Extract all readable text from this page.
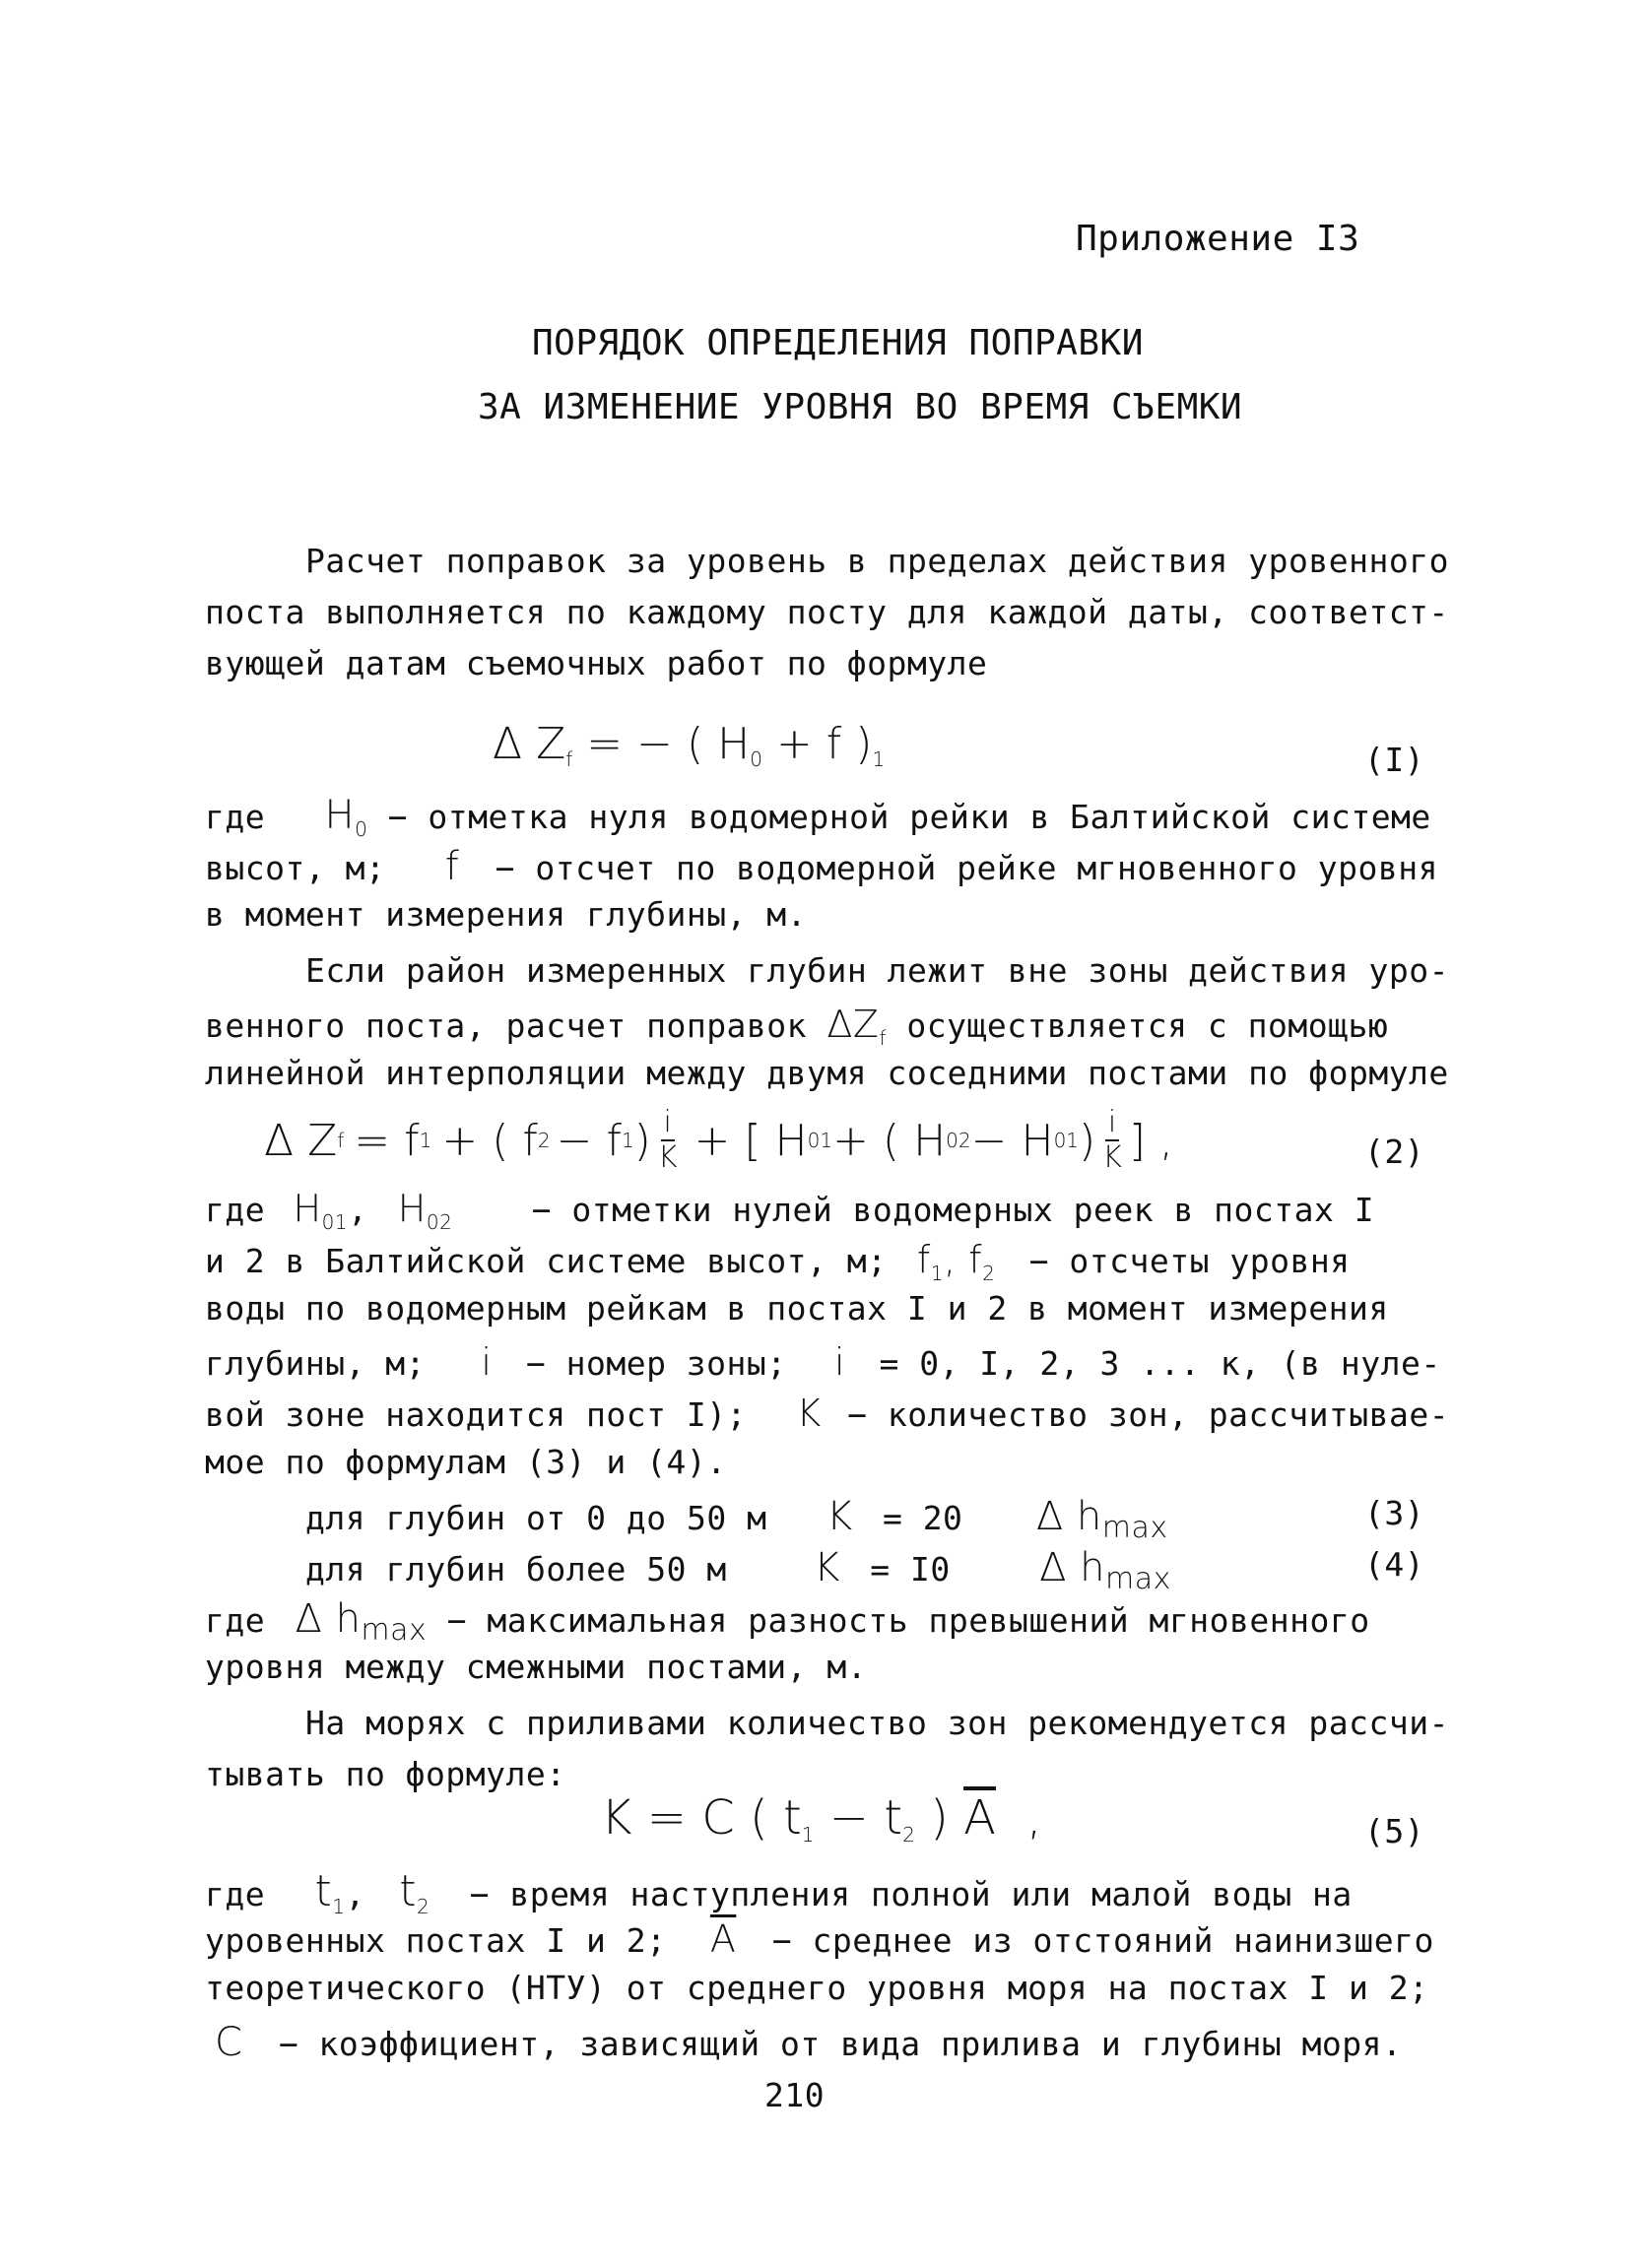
Приложение I3
ПОРЯДОК ОПРЕДЕЛЕНИЯ ПОПРАВКИ
ЗА ИЗМЕНЕНИЕ УРОВНЯ ВО ВРЕМЯ СЪЕМКИ
Расчет поправок за уровень в пределах действия уровенного
поста выполняется по каждому посту для каждой даты, соответст-
вующей датам съемочных работ по формуле
∆ $Z_f$ = − ( $H_0 + f$ )$_1$	(I)
где $H_0$ − отметка нуля водомерной рейки в Балтийской системе
высот, м; f − отсчет по водомерной рейке мгновенного уровня
в момент измерения глубины, м.
Если район измеренных глубин лежит вне зоны действия уро-
венного поста, расчет поправок $\Delta Z_f$ осуществляется с помощью
линейной интерполяции между двумя соседними постами по формуле
∆ Z f = f 1 + ( f 2 − f 1 ) $\frac{i}{K}$ + [ H 01 + ( H 02 − H 01 ) $\frac{i}{K}$ ] ,	(2)
где $H_{01}$, $H_{02}$ − отметки нулей водомерных реек в постах I
и 2 в Балтийской системе высот, м; $f_1$, $f_2$ − отсчеты уровня
воды по водомерным рейкам в постах I и 2 в момент измерения
глубины, м; i − номер зоны; i = 0, I, 2, 3 ... к, (в нуле-
вой зоне находится пост I); K − количество зон, рассчитывае-
мое по формулам (3) и (4).
для глубин от 0 до 50 м K = 20 ∆ hmax	(3)
для глубин более 50 м K = I0 ∆ hmax	(4)
где ∆ hmax − максимальная разность превышений мгновенного
уровня между смежными постами, м.
На морях с приливами количество зон рекомендуется рассчи-
тывать по формуле:
K = C ( $t_1 - t_2$ ) $\overline{A}$ ,	(5)
где $t_1$, $t_2$ − время наступления полной или малой воды на
уровенных постах I и 2; $\overline{A}$ − среднее из отстояний наинизшего
теоретического (НТУ) от среднего уровня моря на постах I и 2;
C − коэффициент, зависящий от вида прилива и глубины моря.
210
